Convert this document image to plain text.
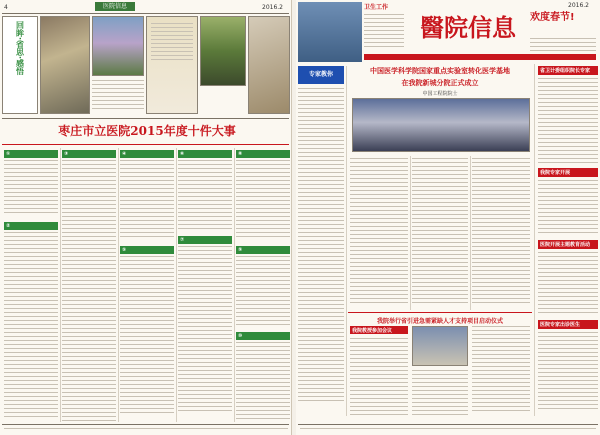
4	医院信息	2016.2
回眸·省思·感悟
枣庄市立医院2015年度十件大事
①
②
③	④
⑤
⑥
⑦
⑧
⑨
⑩
卫生工作
醫院信息	欢度春节!
2016.2
专家教你	中国医学科学院国家重点实验室转化医学基地
在我院新城分院正式成立
中国工程院院士
我院举行省引进急需紧缺人才支持项目启动仪式
我院教授参加会议
省卫计委组织院长专家
我院专家开展
医院开展主题教育活动
医院专家出诊医生
